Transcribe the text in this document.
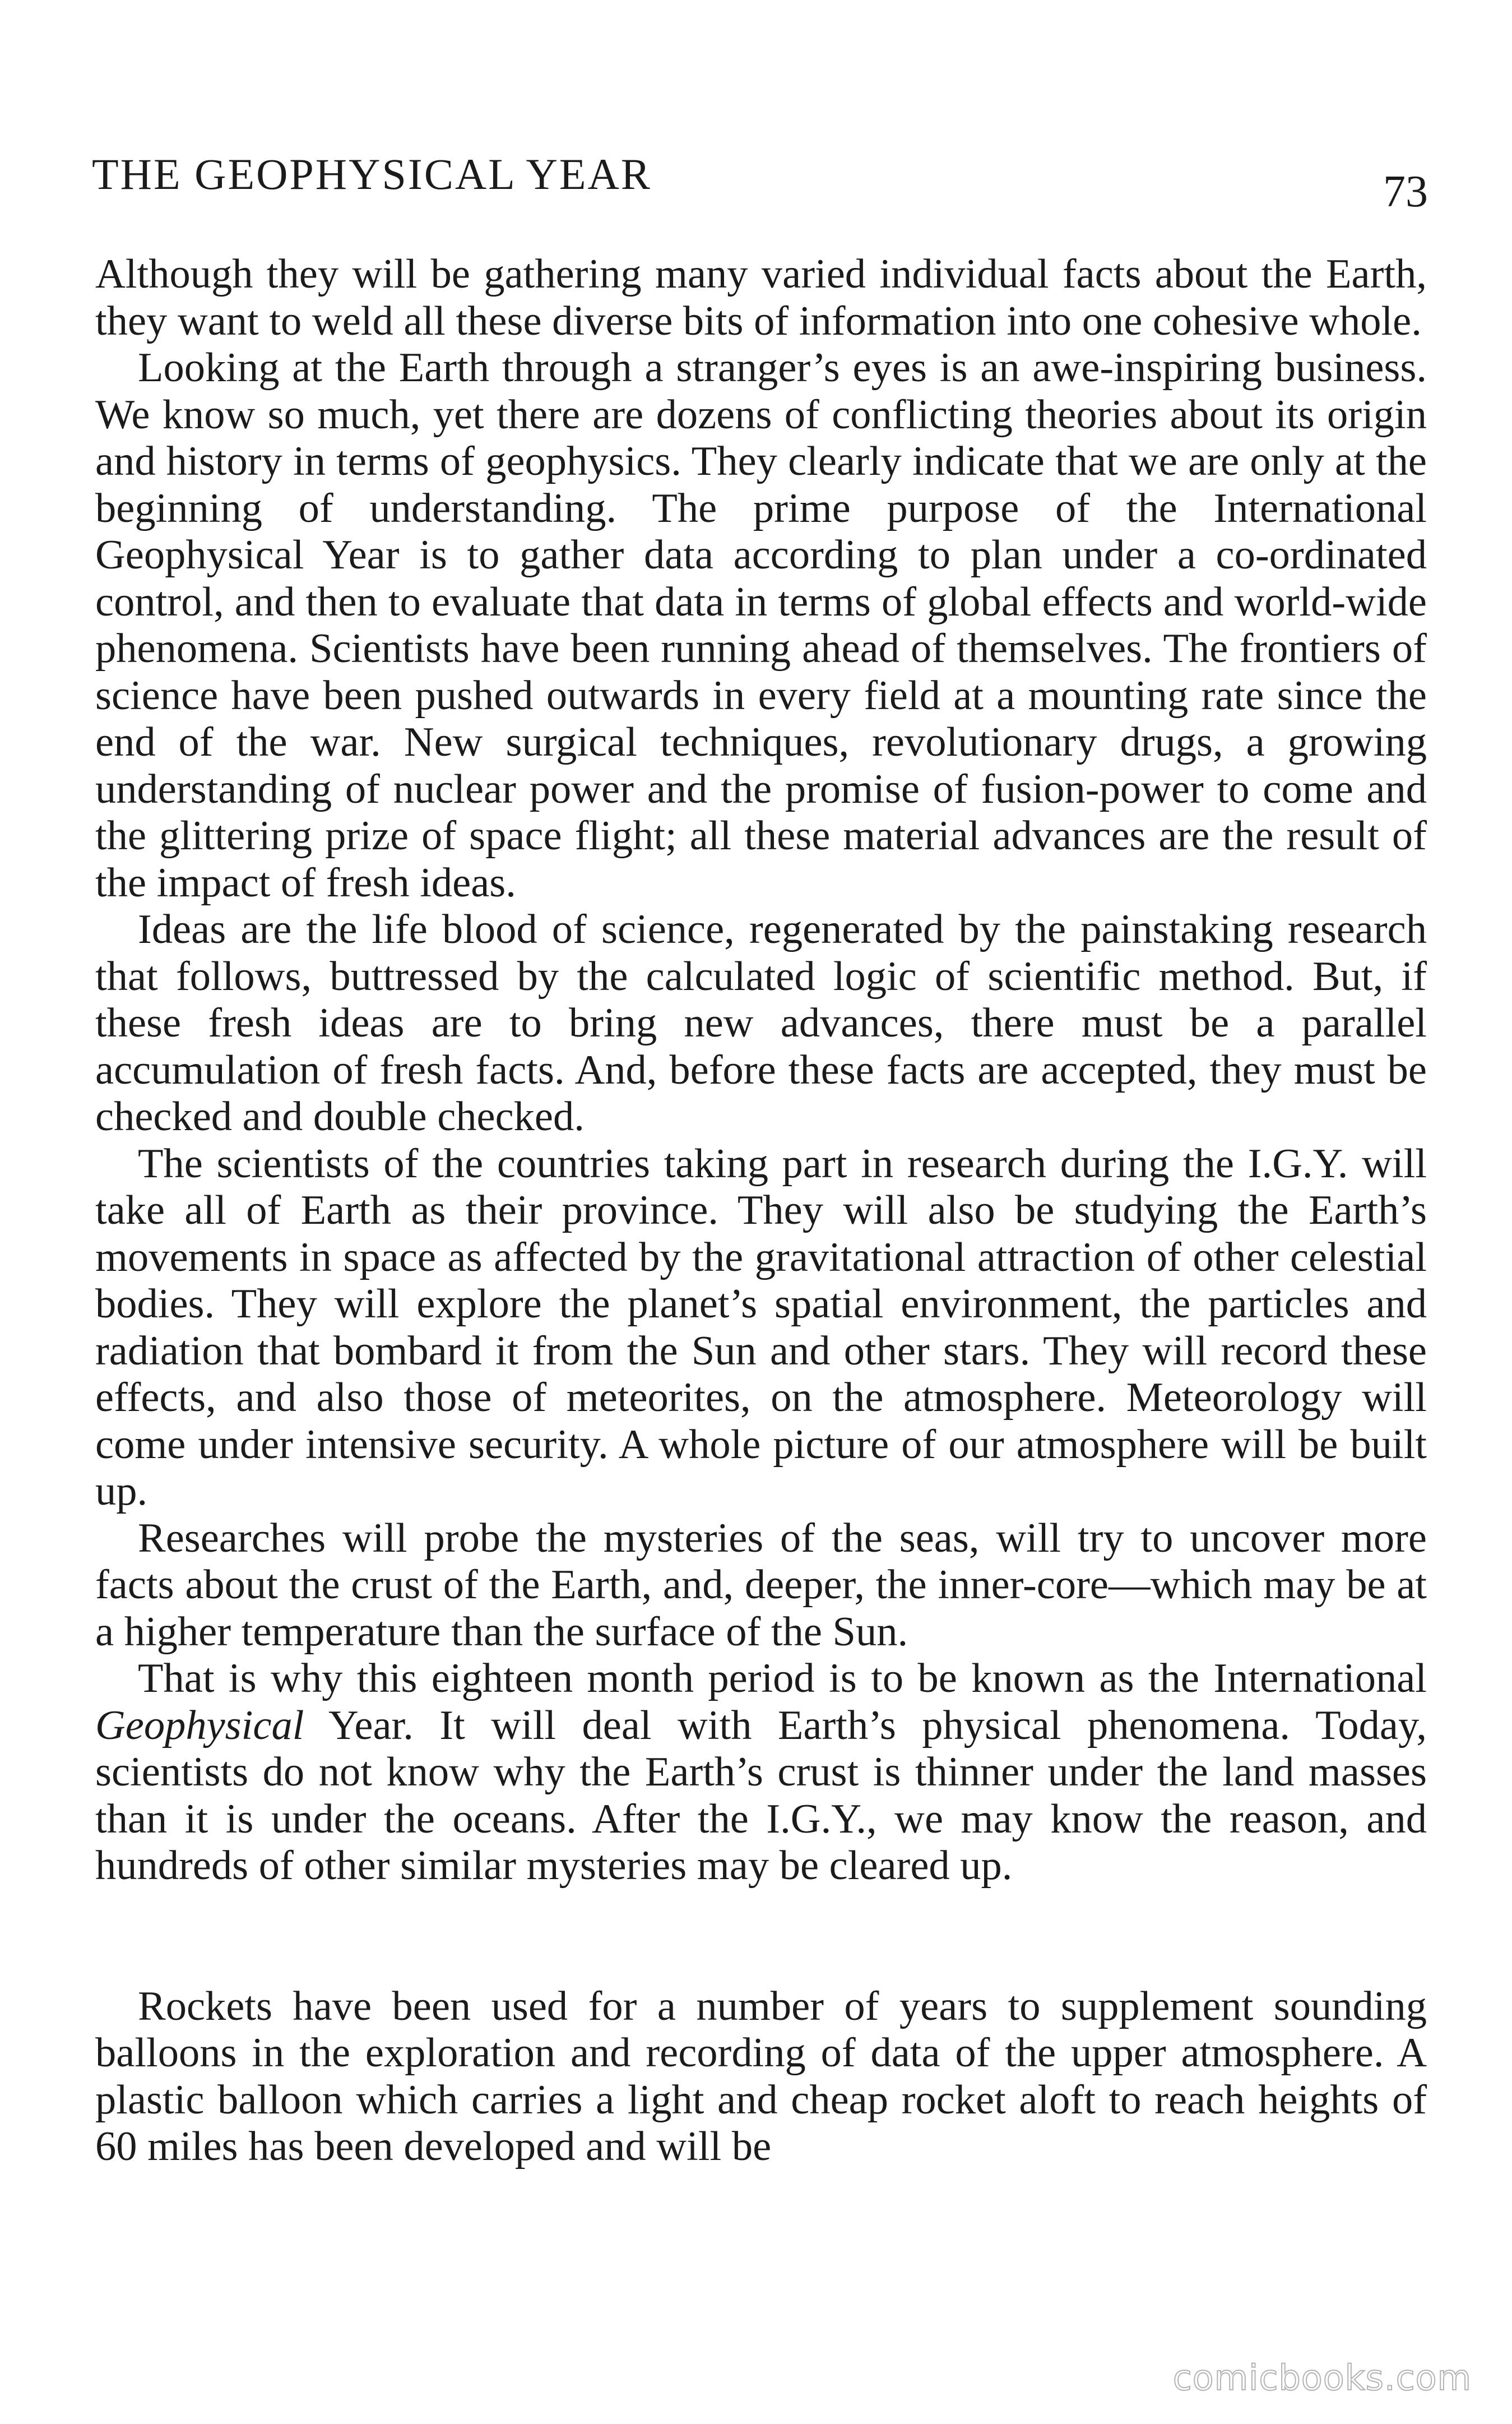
THE GEOPHYSICAL YEAR	73

Although they will be gathering many varied individual facts about the Earth, they want to weld all these diverse bits of information into one cohesive whole.

Looking at the Earth through a stranger’s eyes is an awe-inspiring business. We know so much, yet there are dozens of conflicting theories about its origin and history in terms of geophysics. They clearly indicate that we are only at the beginning of understanding. The prime purpose of the International Geophysical Year is to gather data according to plan under a co-ordinated control, and then to evaluate that data in terms of global effects and world-wide phenomena. Scientists have been running ahead of themselves. The frontiers of science have been pushed outwards in every field at a mounting rate since the end of the war. New surgical techniques, revolutionary drugs, a growing understanding of nuclear power and the promise of fusion-power to come and the glittering prize of space flight; all these material advances are the result of the impact of fresh ideas.

Ideas are the life blood of science, regenerated by the painstaking research that follows, buttressed by the calculated logic of scientific method. But, if these fresh ideas are to bring new advances, there must be a parallel accumulation of fresh facts. And, before these facts are accepted, they must be checked and double checked.

The scientists of the countries taking part in research during the I.G.Y. will take all of Earth as their province. They will also be studying the Earth’s movements in space as affected by the gravitational attraction of other celestial bodies. They will explore the planet’s spatial environment, the particles and radiation that bombard it from the Sun and other stars. They will record these effects, and also those of meteorites, on the atmosphere. Meteorology will come under intensive security. A whole picture of our atmosphere will be built up.

Researches will probe the mysteries of the seas, will try to uncover more facts about the crust of the Earth, and, deeper, the inner-core—which may be at a higher temperature than the surface of the Sun.

That is why this eighteen month period is to be known as the International Geophysical Year. It will deal with Earth’s physical phenomena. Today, scientists do not know why the Earth’s crust is thinner under the land masses than it is under the oceans. After the I.G.Y., we may know the reason, and hundreds of other similar mysteries may be cleared up.

Rockets have been used for a number of years to supplement sounding balloons in the exploration and recording of data of the upper atmosphere. A plastic balloon which carries a light and cheap rocket aloft to reach heights of 60 miles has been developed and will be

comicbooks.com
